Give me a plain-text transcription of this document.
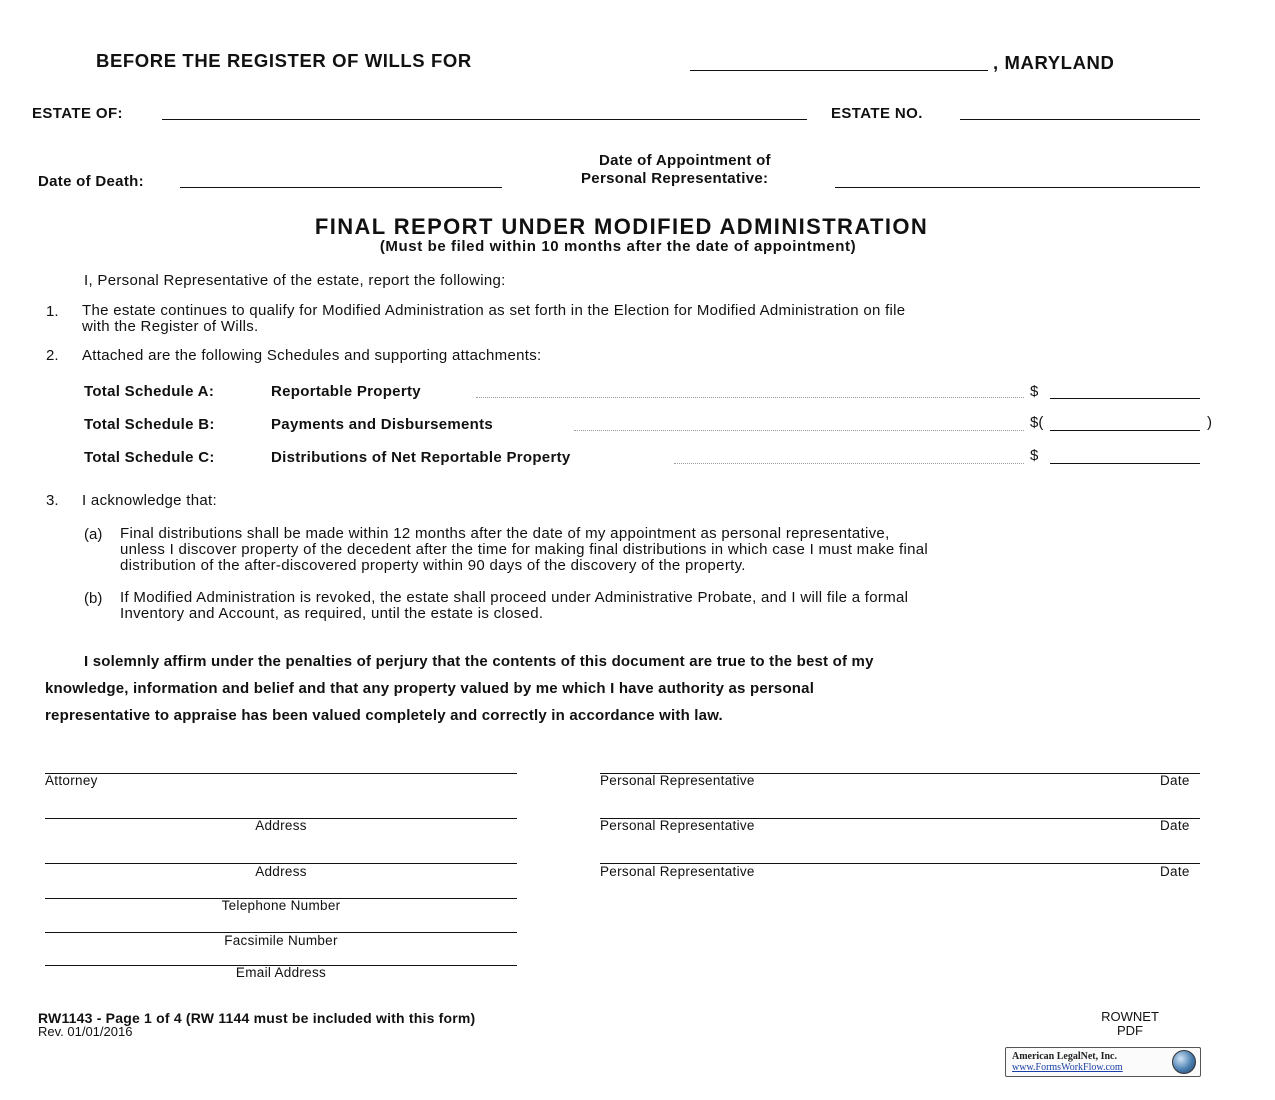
BEFORE THE REGISTER OF WILLS FOR	, MARYLAND
ESTATE OF:	ESTATE NO.
Date of Appointment of
Personal Representative:
Date of Death:
FINAL REPORT UNDER MODIFIED ADMINISTRATION
(Must be filed within 10 months after the date of appointment)
I, Personal Representative of the estate, report the following:
1. The estate continues to qualify for Modified Administration as set forth in the Election for Modified Administration on file
with the Register of Wills.
2. Attached are the following Schedules and supporting attachments:
Total Schedule A:	Reportable Property	$
Total Schedule B:	Payments and Disbursements	$(	)
Total Schedule C:	Distributions of Net Reportable Property	$
3. I acknowledge that:
(a) Final distributions shall be made within 12 months after the date of my appointment as personal representative,
unless I discover property of the decedent after the time for making final distributions in which case I must make final
distribution of the after-discovered property within 90 days of the discovery of the property.
(b) If Modified Administration is revoked, the estate shall proceed under Administrative Probate, and I will file a formal
Inventory and Account, as required, until the estate is closed.
I solemnly affirm under the penalties of perjury that the contents of this document are true to the best of my
knowledge, information and belief and that any property valued by me which I have authority as personal
representative to appraise has been valued completely and correctly in accordance with law.
Attorney
Address
Address
Telephone Number
Facsimile Number
Email Address
Personal Representative	Date
Personal Representative	Date
Personal Representative	Date
RW1143 - Page 1 of 4 (RW 1144 must be included with this form)
Rev. 01/01/2016
ROWNET
PDF
American LegalNet, Inc.
www.FormsWorkFlow.com
